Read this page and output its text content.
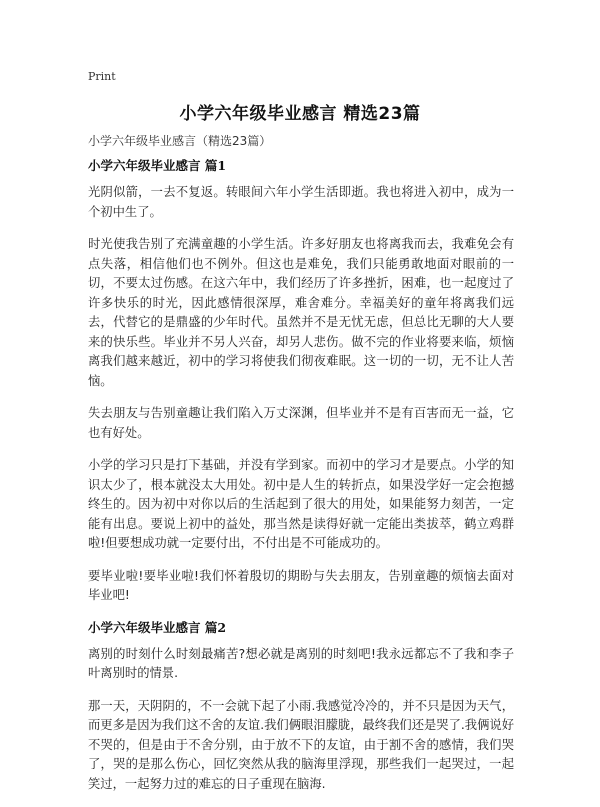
Print
小学六年级毕业感言 精选23篇
小学六年级毕业感言（精选23篇）
小学六年级毕业感言 篇1

光阴似箭，一去不复返。转眼间六年小学生活即逝。我也将进入初中，成为一个初中生了。

时光使我告别了充满童趣的小学生活。许多好朋友也将离我而去，我难免会有点失落，相信他们也不例外。但这也是难免，我们只能勇敢地面对眼前的一切，不要太过伤感。在这六年中，我们经历了许多挫折，困难，也一起度过了许多快乐的时光，因此感情很深厚，难舍难分。幸福美好的童年将离我们远去，代替它的是鼎盛的少年时代。虽然并不是无忧无虑，但总比无聊的大人要来的快乐些。毕业并不另人兴奋，却另人悲伤。做不完的作业将要来临，烦恼离我们越来越近，初中的学习将使我们彻夜难眠。这一切的一切，无不让人苦恼。

失去朋友与告别童趣让我们陷入万丈深渊，但毕业并不是有百害而无一益，它也有好处。

小学的学习只是打下基础，并没有学到家。而初中的学习才是要点。小学的知识太少了，根本就没太大用处。初中是人生的转折点，如果没学好一定会抱撼终生的。因为初中对你以后的生活起到了很大的用处，如果能努力刻苦，一定能有出息。要说上初中的益处，那当然是读得好就一定能出类拔萃，鹤立鸡群啦!但要想成功就一定要付出，不付出是不可能成功的。

要毕业啦!要毕业啦!我们怀着殷切的期盼与失去朋友，告别童趣的烦恼去面对毕业吧!

小学六年级毕业感言 篇2

离别的时刻什么时刻最痛苦?想必就是离别的时刻吧!我永远都忘不了我和李子叶离别时的情景.

那一天，天阴阴的，不一会就下起了小雨.我感觉冷冷的，并不只是因为天气，而更多是因为我们这不舍的友谊.我们俩眼泪朦胧，最终我们还是哭了.我俩说好不哭的，但是由于不舍分别，由于放不下的友谊，由于割不舍的感情，我们哭了，哭的是那么伤心，回忆突然从我的脑海里浮现，那些我们一起哭过，一起笑过，一起努力过的难忘的日子重现在脑海.
